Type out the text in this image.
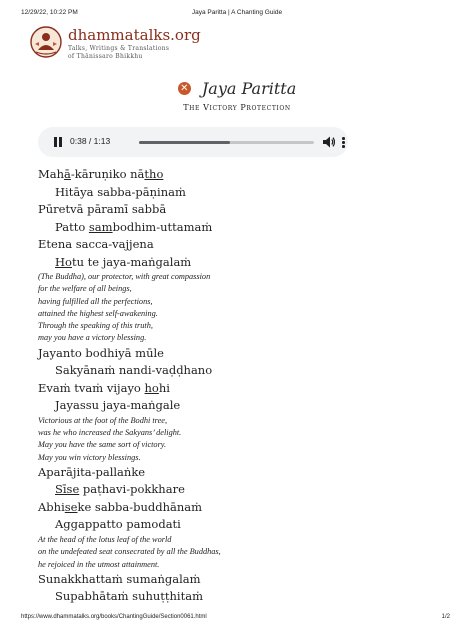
12/29/22, 10:22 PM	Jaya Paritta | A Chanting Guide
dhammatalks.org
Talks, Writings & Translations
of Thānissaro Bhikkhu
✕ Jaya Paritta
The Victory Protection
0:38 / 1:13
Mahā-kāruṇiko nātho
Hitāya sabba-pāṇinaṁ
Pūretvā pāramī sabbā
Patto sambodhim-uttamaṁ
Etena sacca-vajjena
Hotu te jaya-maṅgalaṁ
(The Buddha), our protector, with great compassion
for the welfare of all beings,
having fulfilled all the perfections,
attained the highest self-awakening.
Through the speaking of this truth,
may you have a victory blessing.
Jayanto bodhiyā mūle
Sakyānaṁ nandi-vaḍḍhano
Evaṁ tvaṁ vijayo hohi
Jayassu jaya-maṅgale
Victorious at the foot of the Bodhi tree,
was he who increased the Sakyans’ delight.
May you have the same sort of victory.
May you win victory blessings.
Aparājita-pallaṅke
Sīse paṭhavi-pokkhare
Abhiseke sabba-buddhānaṁ
Aggappatto pamodati
At the head of the lotus leaf of the world
on the undefeated seat consecrated by all the Buddhas,
he rejoiced in the utmost attainment.
Sunakkhattaṁ sumaṅgalaṁ
Supabhātaṁ suhuṭṭhitaṁ
https://www.dhammatalks.org/books/ChantingGuide/Section0061.html	1/2
